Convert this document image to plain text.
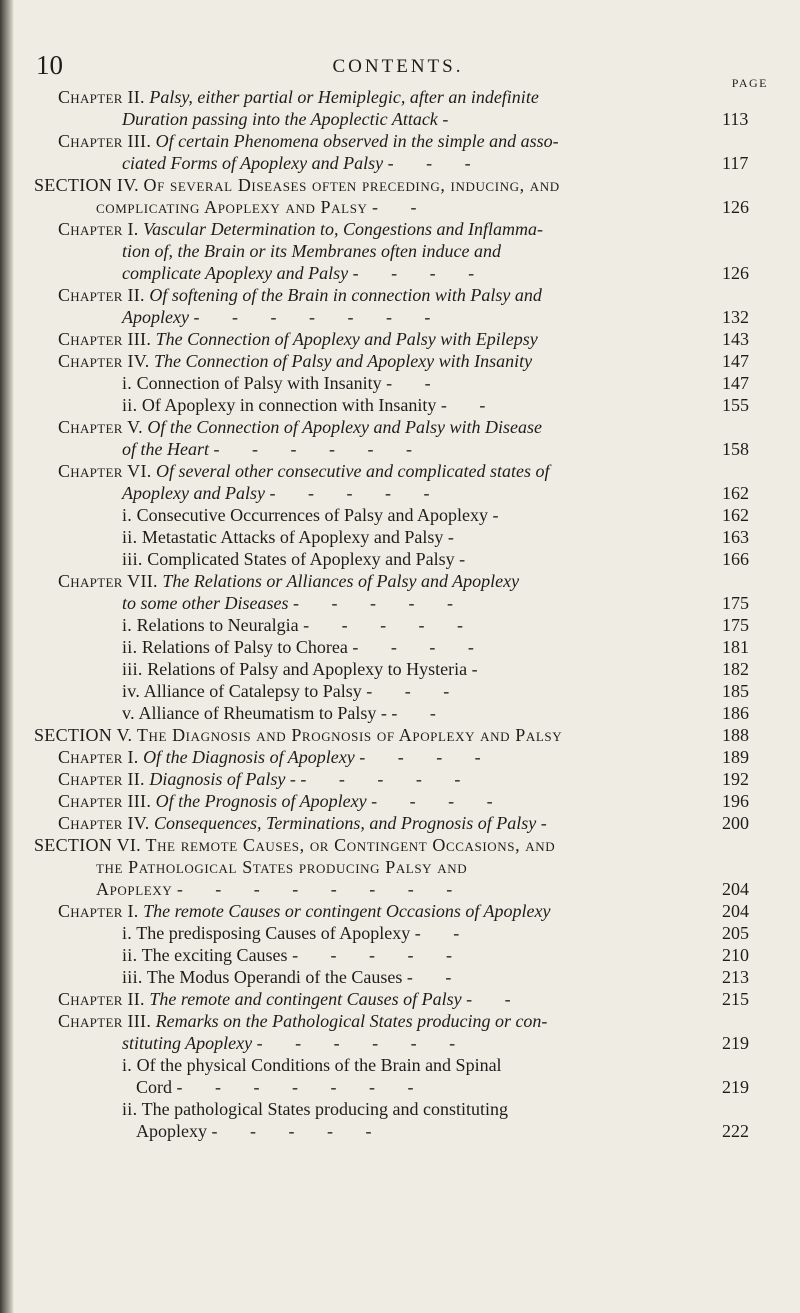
10	CONTENTS.
PAGE
Chapter II. Palsy, either partial or Hemiplegic, after an indefinite
Duration passing into the Apoplectic Attack -	113
Chapter III. Of certain Phenomena observed in the simple and asso-
ciated Forms of Apoplexy and Palsy - - -	117
SECTION IV. Of several Diseases often preceding, inducing, and
complicating Apoplexy and Palsy - -	126
Chapter I. Vascular Determination to, Congestions and Inflamma-
tion of, the Brain or its Membranes often induce and
complicate Apoplexy and Palsy - - - -	126
Chapter II. Of softening of the Brain in connection with Palsy and
Apoplexy - - - - - - -	132
Chapter III. The Connection of Apoplexy and Palsy with Epilepsy	143
Chapter IV. The Connection of Palsy and Apoplexy with Insanity	147
i. Connection of Palsy with Insanity - -	147
ii. Of Apoplexy in connection with Insanity - -	155
Chapter V. Of the Connection of Apoplexy and Palsy with Disease
of the Heart - - - - - -	158
Chapter VI. Of several other consecutive and complicated states of
Apoplexy and Palsy - - - - -	162
i. Consecutive Occurrences of Palsy and Apoplexy -	162
ii. Metastatic Attacks of Apoplexy and Palsy -	163
iii. Complicated States of Apoplexy and Palsy -	166
Chapter VII. The Relations or Alliances of Palsy and Apoplexy
to some other Diseases - - - - -	175
i. Relations to Neuralgia - - - - -	175
ii. Relations of Palsy to Chorea - - - -	181
iii. Relations of Palsy and Apoplexy to Hysteria -	182
iv. Alliance of Catalepsy to Palsy - - -	185
v. Alliance of Rheumatism to Palsy - - -	186
SECTION V. The Diagnosis and Prognosis of Apoplexy and Palsy	188
Chapter I. Of the Diagnosis of Apoplexy - - - -	189
Chapter II. Diagnosis of Palsy - - - - - -	192
Chapter III. Of the Prognosis of Apoplexy - - - -	196
Chapter IV. Consequences, Terminations, and Prognosis of Palsy -	200
SECTION VI. The remote Causes, or Contingent Occasions, and
the Pathological States producing Palsy and
Apoplexy - - - - - - - -	204
Chapter I. The remote Causes or contingent Occasions of Apoplexy	204
i. The predisposing Causes of Apoplexy - -	205
ii. The exciting Causes - - - - -	210
iii. The Modus Operandi of the Causes - -	213
Chapter II. The remote and contingent Causes of Palsy - -	215
Chapter III. Remarks on the Pathological States producing or con-
stituting Apoplexy - - - - - -	219
i. Of the physical Conditions of the Brain and Spinal
Cord - - - - - - -	219
ii. The pathological States producing and constituting
Apoplexy - - - - -	222
